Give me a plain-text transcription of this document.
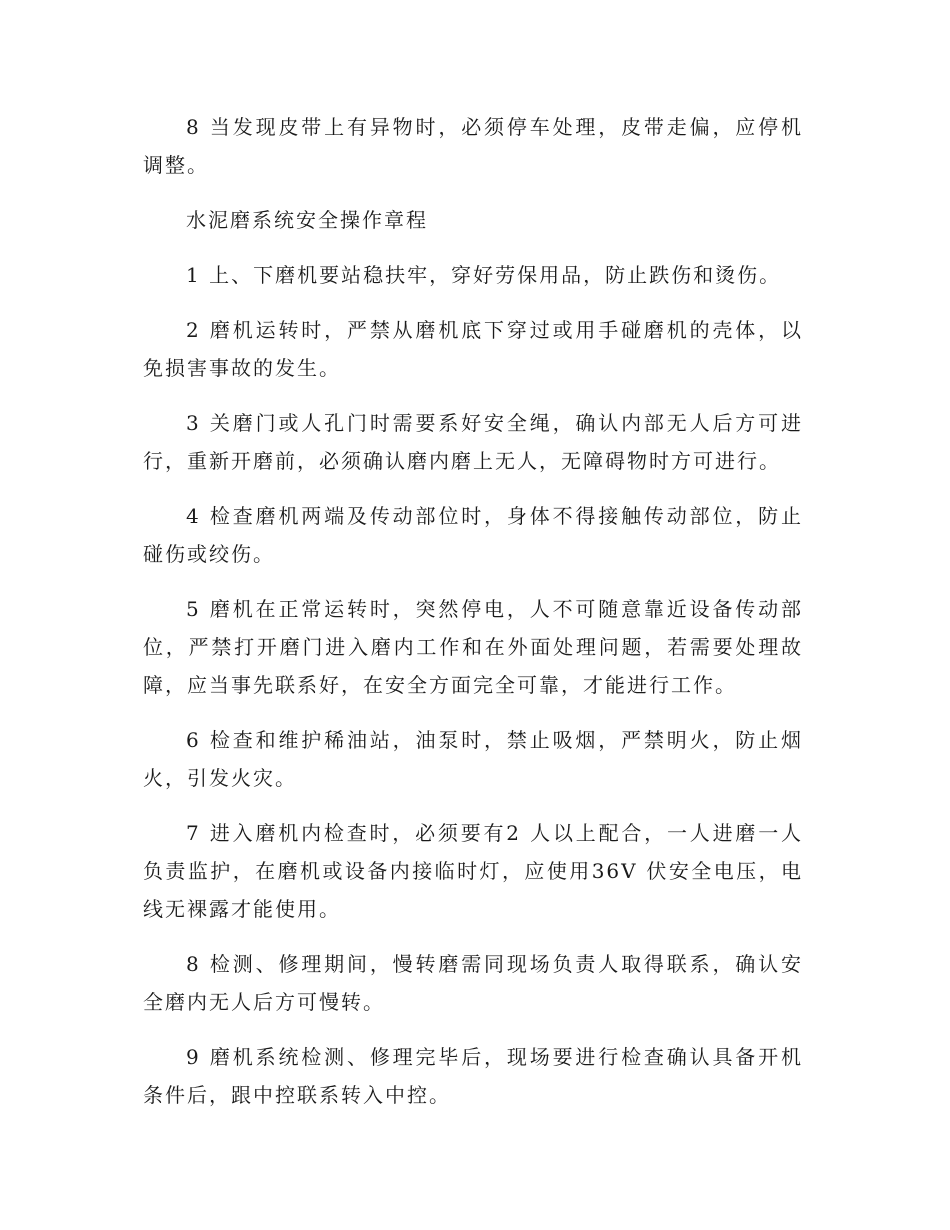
8 当发现皮带上有异物时，必须停车处理，皮带走偏，应停机调整。

水泥磨系统安全操作章程

1 上、下磨机要站稳扶牢，穿好劳保用品，防止跌伤和烫伤。

2 磨机运转时，严禁从磨机底下穿过或用手碰磨机的壳体，以免损害事故的发生。

3 关磨门或人孔门时需要系好安全绳，确认内部无人后方可进行，重新开磨前，必须确认磨内磨上无人，无障碍物时方可进行。

4 检查磨机两端及传动部位时，身体不得接触传动部位，防止碰伤或绞伤。

5 磨机在正常运转时，突然停电，人不可随意靠近设备传动部位，严禁打开磨门进入磨内工作和在外面处理问题，若需要处理故障，应当事先联系好，在安全方面完全可靠，才能进行工作。

6 检查和维护稀油站，油泵时，禁止吸烟，严禁明火，防止烟火，引发火灾。

7 进入磨机内检查时，必须要有2 人以上配合，一人进磨一人负责监护，在磨机或设备内接临时灯，应使用36V 伏安全电压，电线无裸露才能使用。

8 检测、修理期间，慢转磨需同现场负责人取得联系，确认安全磨内无人后方可慢转。

9 磨机系统检测、修理完毕后，现场要进行检查确认具备开机条件后，跟中控联系转入中控。
